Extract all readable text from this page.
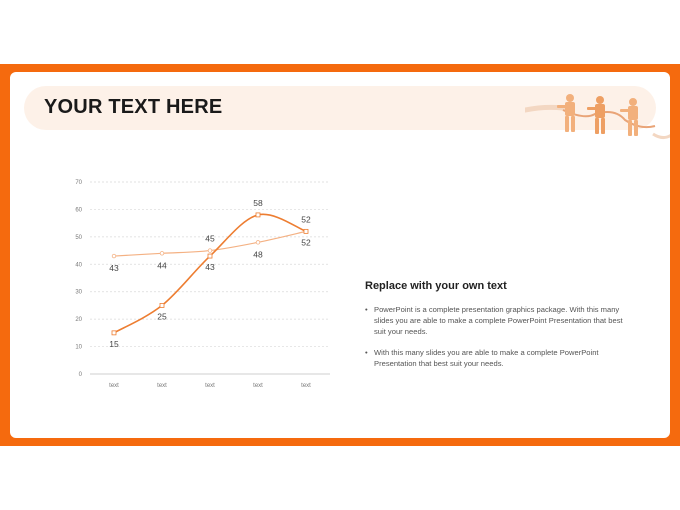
YOUR TEXT HERE
0
10
20
30
40
50
60
70
text	text	text	text	text
43	44
45
48
52
15
25
43
58
52

Replace with your own text

• PowerPoint is a complete presentation graphics package. With this many slides you are able to make a complete PowerPoint Presentation that best suit your needs.
• With this many slides you are able to make a complete PowerPoint Presentation that best suit your needs.
